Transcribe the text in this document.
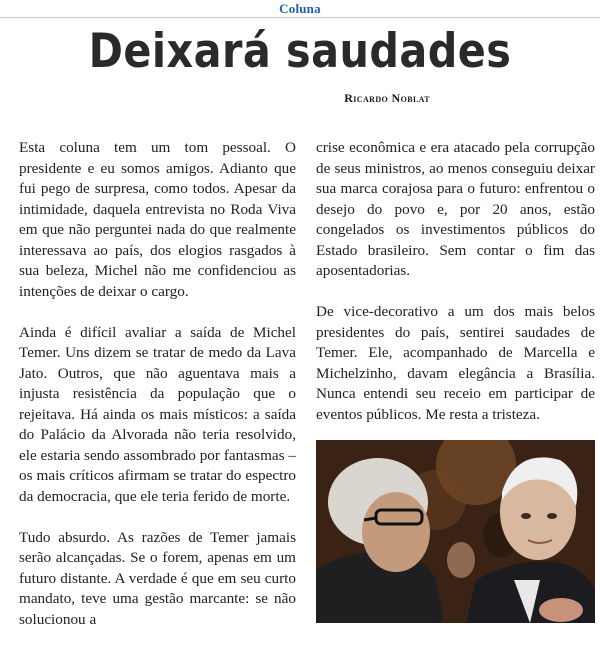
Coluna
Deixará saudades
Ricardo Noblat

Esta coluna tem um tom pessoal. O presidente e eu somos amigos. Adianto que fui pego de surpresa, como todos. Apesar da intimidade, daquela entrevista no Roda Viva em que não perguntei nada do que realmente interessava ao país, dos elogios rasgados à sua beleza, Michel não me confidenciou as intenções de deixar o cargo.

Ainda é difícil avaliar a saída de Michel Temer. Uns dizem se tratar de medo da Lava Jato. Outros, que não aguentava mais a injusta resistência da população que o rejeitava. Há ainda os mais místicos: a saída do Palácio da Alvorada não teria resolvido, ele estaria sendo assombrado por fantasmas – os mais críticos afirmam se tratar do espectro da democracia, que ele teria ferido de morte.

Tudo absurdo. As razões de Temer jamais serão alcançadas. Se o forem, apenas em um futuro distante. A verdade é que em seu curto mandato, teve uma gestão marcante: se não solucionou a

crise econômica e era atacado pela corrupção de seus ministros, ao menos conseguiu deixar sua marca corajosa para o futuro: enfrentou o desejo do povo e, por 20 anos, estão congelados os investimentos públicos do Estado brasileiro. Sem contar o fim das aposentadorias.

De vice-decorativo a um dos mais belos presidentes do país, sentirei saudades de Temer. Ele, acompanhado de Marcella e Michelzinho, davam elegância a Brasília. Nunca entendi seu receio em participar de eventos públicos. Me resta a tristeza.
